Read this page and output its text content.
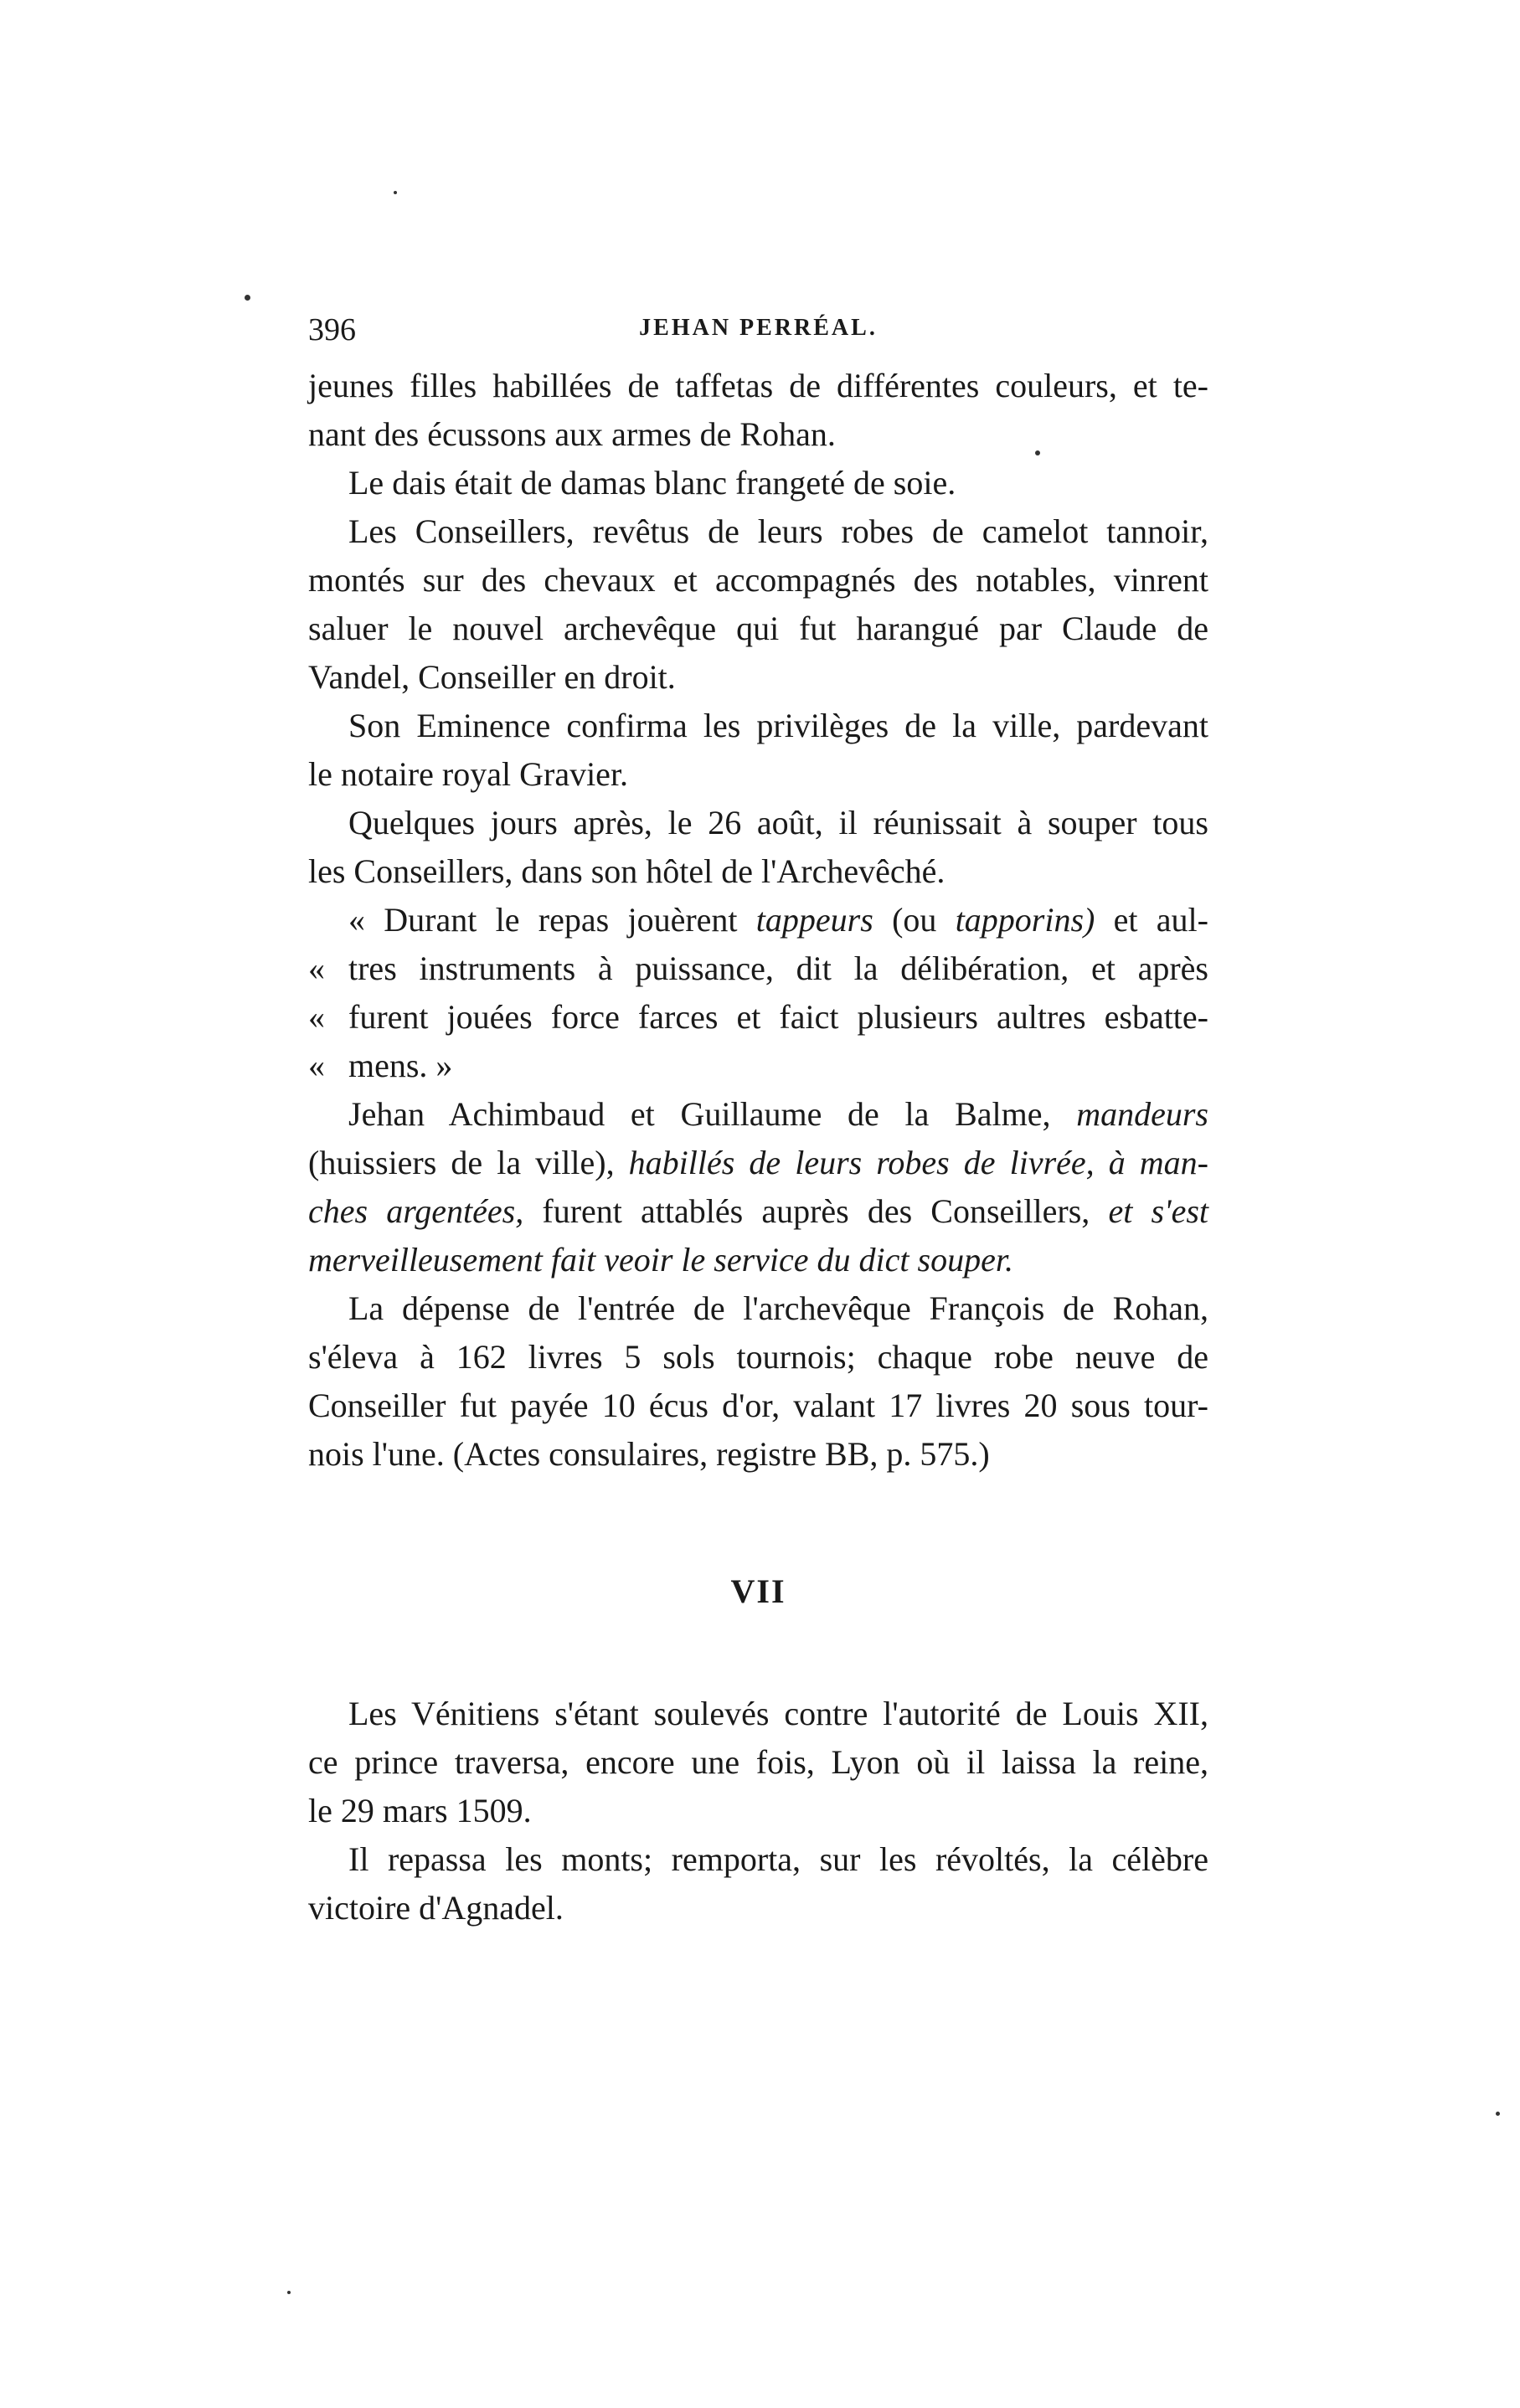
396	JEHAN PERRÉAL.
jeunes filles habillées de taffetas de différentes couleurs, et te-
nant des écussons aux armes de Rohan.
Le dais était de damas blanc frangeté de soie.
Les Conseillers, revêtus de leurs robes de camelot tannoir,
montés sur des chevaux et accompagnés des notables, vinrent
saluer le nouvel archevêque qui fut harangué par Claude de
Vandel, Conseiller en droit.
Son Eminence confirma les privilèges de la ville, pardevant
le notaire royal Gravier.
Quelques jours après, le 26 août, il réunissait à souper tous
les Conseillers, dans son hôtel de l'Archevêché.
« Durant le repas jouèrent tappeurs (ou tapporins) et aul-
« tres instruments à puissance, dit la délibération, et après
« furent jouées force farces et faict plusieurs aultres esbatte-
« mens. »
Jehan Achimbaud et Guillaume de la Balme, mandeurs
(huissiers de la ville), habillés de leurs robes de livrée, à man-
ches argentées, furent attablés auprès des Conseillers, et s'est
merveilleusement fait veoir le service du dict souper.
La dépense de l'entrée de l'archevêque François de Rohan,
s'éleva à 162 livres 5 sols tournois; chaque robe neuve de
Conseiller fut payée 10 écus d'or, valant 17 livres 20 sous tour-
nois l'une. (Actes consulaires, registre BB, p. 575.)
VII
Les Vénitiens s'étant soulevés contre l'autorité de Louis XII,
ce prince traversa, encore une fois, Lyon où il laissa la reine,
le 29 mars 1509.
Il repassa les monts; remporta, sur les révoltés, la célèbre
victoire d'Agnadel.
